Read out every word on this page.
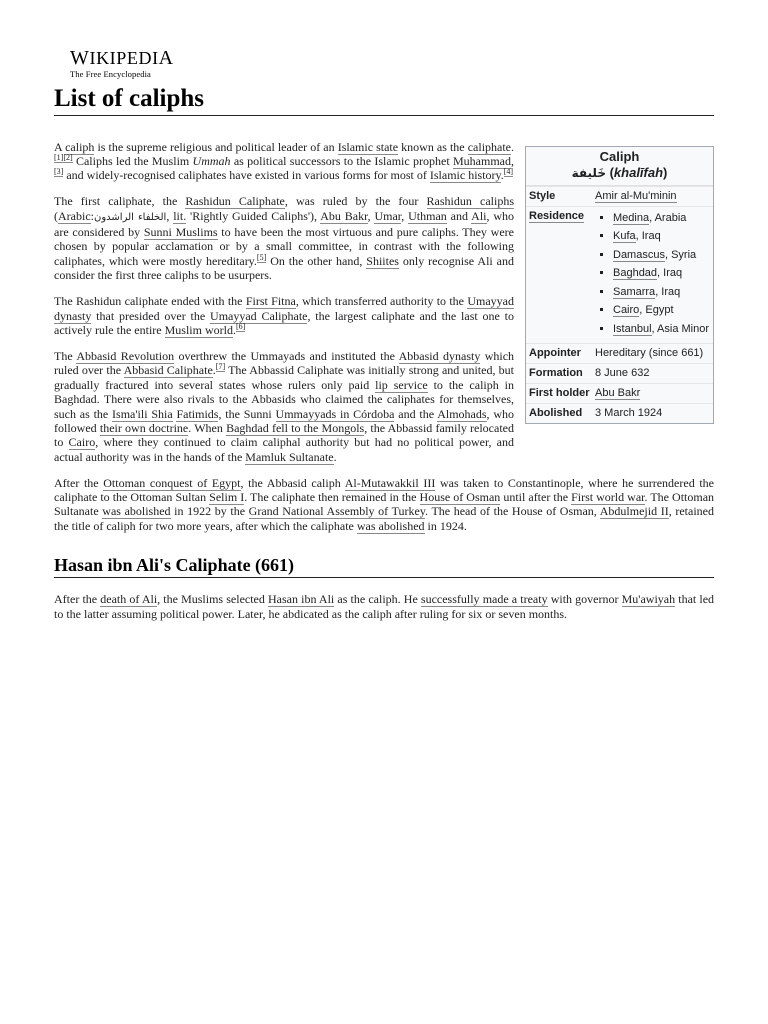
WIKIPEDIA
The Free Encyclopedia
List of caliphs
Caliph
خَليفة (khalīfah)
Style	Amir al-Mu'minin
Residence
▪	Medina, Arabia
▪ Kufa, Iraq
▪ Damascus, Syria
▪ Baghdad, Iraq
▪ Samarra, Iraq
▪ Cairo, Egypt
▪ Istanbul, Asia Minor
Appointer	Hereditary (since 661)
Formation	8 June 632
First holder Abu Bakr
Abolished	3 March 1924

A caliph is the supreme religious and political leader of an Islamic state known as the caliphate.[1][2] Caliphs led the Muslim Ummah as political successors to the Islamic prophet Muhammad,[3] and widely-recognised caliphates have existed in various forms for most of Islamic history.[4]

The first caliphate, the Rashidun Caliphate, was ruled by the four Rashidun caliphs (Arabic:الخلفاء الراشدون, lit. 'Rightly Guided Caliphs'), Abu Bakr, Umar, Uthman and Ali, who are considered by Sunni Muslims to have been the most virtuous and pure caliphs. They were chosen by popular acclamation or by a small committee, in contrast with the following caliphates, which were mostly hereditary.[5] On the other hand, Shiites only recognise Ali and consider the first three caliphs to be usurpers.

The Rashidun caliphate ended with the First Fitna, which transferred authority to the Umayyad dynasty that presided over the Umayyad Caliphate, the largest caliphate and the last one to actively rule the entire Muslim world.[6]

The Abbasid Revolution overthrew the Ummayads and instituted the Abbasid dynasty which ruled over the Abbasid Caliphate.[7] The Abbassid Caliphate was initially strong and united, but gradually fractured into several states whose rulers only paid lip service to the caliph in Baghdad. There were also rivals to the Abbasids who claimed the caliphates for themselves, such as the Isma'ili Shia Fatimids, the Sunni Ummayyads in Córdoba and the Almohads, who followed their own doctrine. When Baghdad fell to the Mongols, the Abbassid family relocated to Cairo, where they continued to claim caliphal authority but had no political power, and actual authority was in the hands of the Mamluk Sultanate.

After the Ottoman conquest of Egypt, the Abbasid caliph Al-Mutawakkil III was taken to Constantinople, where he surrendered the caliphate to the Ottoman Sultan Selim I. The caliphate then remained in the House of Osman until after the First world war. The Ottoman Sultanate was abolished in 1922 by the Grand National Assembly of Turkey. The head of the House of Osman, Abdulmejid II, retained the title of caliph for two more years, after which the caliphate was abolished in 1924.

Hasan ibn Ali's Caliphate (661)

After the death of Ali, the Muslims selected Hasan ibn Ali as the caliph. He successfully made a treaty with governor Mu'awiyah that led to the latter assuming political power. Later, he abdicated as the caliph after ruling for six or seven months.
